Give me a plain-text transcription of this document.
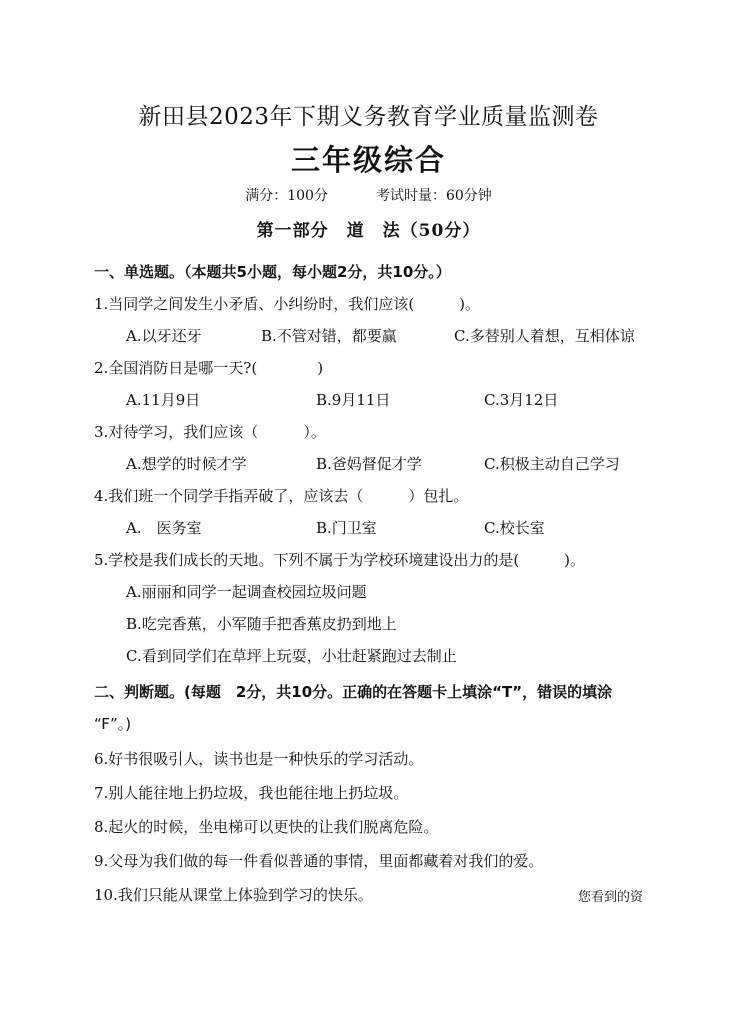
新田县2023年下期义务教育学业质量监测卷
三年级综合
满分：100分	考试时量：60分钟
第一部分　道　法（50分）
一、单选题。（本题共5小题，每小题2分，共10分。）
1.当同学之间发生小矛盾、小纠纷时，我们应该(　　　)。
A.以牙还牙	B.不管对错，都要赢	C.多替别人着想，互相体谅
2.全国消防日是哪一天?(　　　　)
A.11月9日	B.9月11日	C.3月12日
3.对待学习，我们应该（　　　）。
A.想学的时候才学	B.爸妈督促才学	C.积极主动自己学习
4.我们班一个同学手指弄破了，应该去（　　　）包扎。
A.　医务室	B.门卫室	C.校长室
5.学校是我们成长的天地。下列不属于为学校环境建设出力的是(　　　)。
A.丽丽和同学一起调查校园垃圾问题
B.吃完香蕉，小军随手把香蕉皮扔到地上
C.看到同学们在草坪上玩耍，小壮赶紧跑过去制止
二、判断题。(每题　2分，共10分。正确的在答题卡上填涂“T”，错误的填涂
“F”。)
6.好书很吸引人，读书也是一种快乐的学习活动。
7.别人能往地上扔垃圾，我也能往地上扔垃圾。
8.起火的时候，坐电梯可以更快的让我们脱离危险。
9.父母为我们做的每一件看似普通的事情，里面都藏着对我们的爱。
10.我们只能从课堂上体验到学习的快乐。	您看到的资
